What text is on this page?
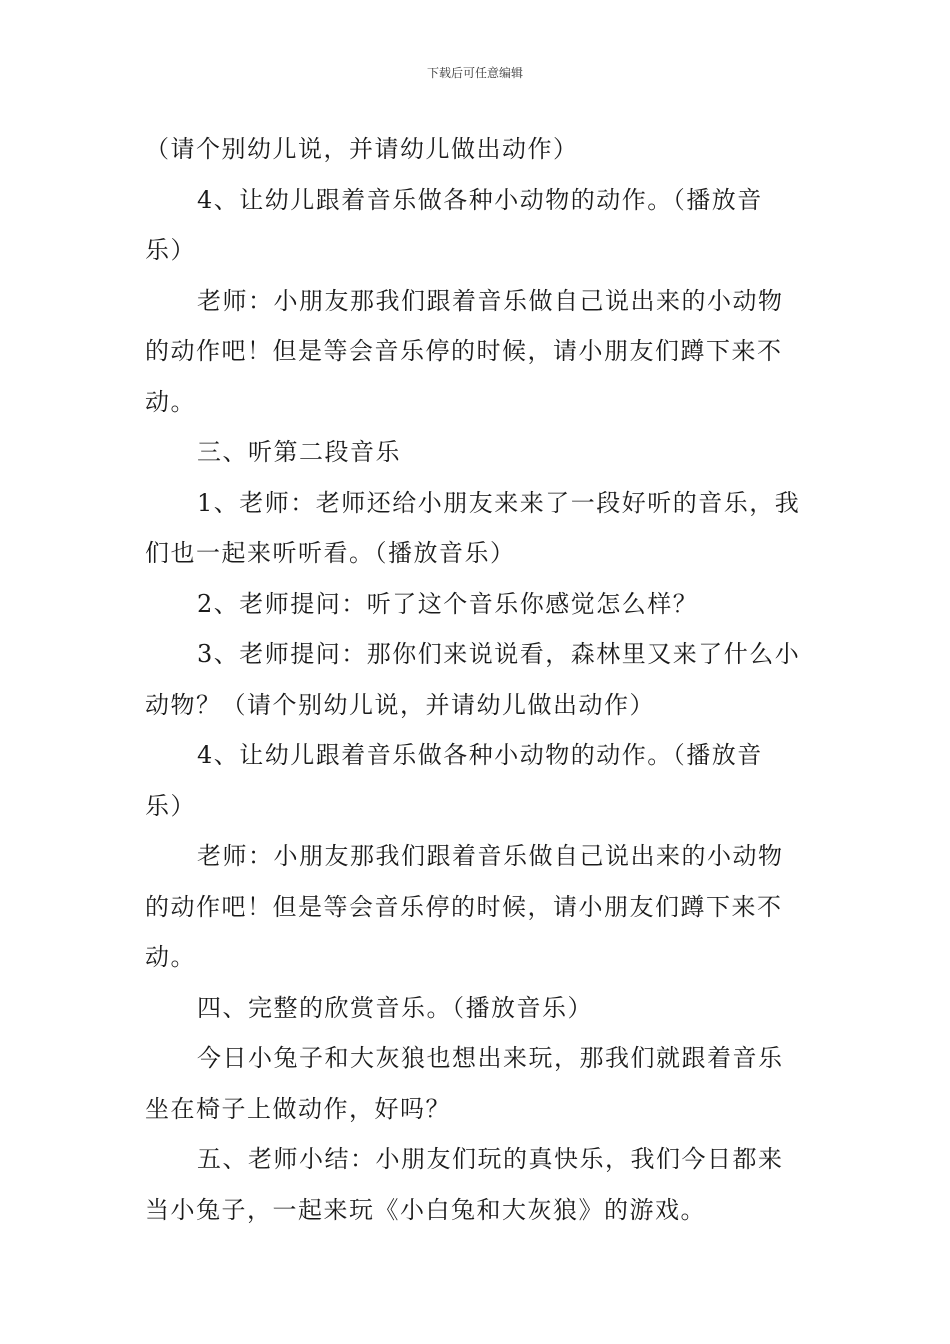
下载后可任意编辑
（请个别幼儿说，并请幼儿做出动作）
4、让幼儿跟着音乐做各种小动物的动作。（播放音
乐）
老师：小朋友那我们跟着音乐做自己说出来的小动物
的动作吧！但是等会音乐停的时候，请小朋友们蹲下来不
动。
三、听第二段音乐
1、老师：老师还给小朋友来来了一段好听的音乐，我
们也一起来听听看。（播放音乐）
2、老师提问：听了这个音乐你感觉怎么样？
3、老师提问：那你们来说说看，森林里又来了什么小
动物？（请个别幼儿说，并请幼儿做出动作）
4、让幼儿跟着音乐做各种小动物的动作。（播放音
乐）
老师：小朋友那我们跟着音乐做自己说出来的小动物
的动作吧！但是等会音乐停的时候，请小朋友们蹲下来不
动。
四、完整的欣赏音乐。（播放音乐）
今日小兔子和大灰狼也想出来玩，那我们就跟着音乐
坐在椅子上做动作，好吗？
五、老师小结：小朋友们玩的真快乐，我们今日都来
当小兔子，一起来玩《小白兔和大灰狼》的游戏。
